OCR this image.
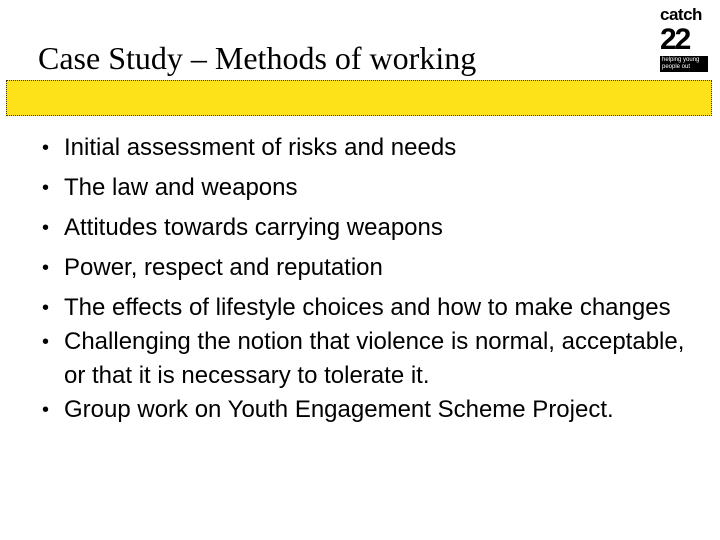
Case Study – Methods of working
catch
22
helping young people out
• Initial assessment of risks and needs
• The law and weapons
• Attitudes towards carrying weapons
• Power, respect and reputation
• The effects of lifestyle choices and how to make changes
• Challenging the notion that violence is normal, acceptable, or that it is necessary to tolerate it.
• Group work on Youth Engagement Scheme Project.
